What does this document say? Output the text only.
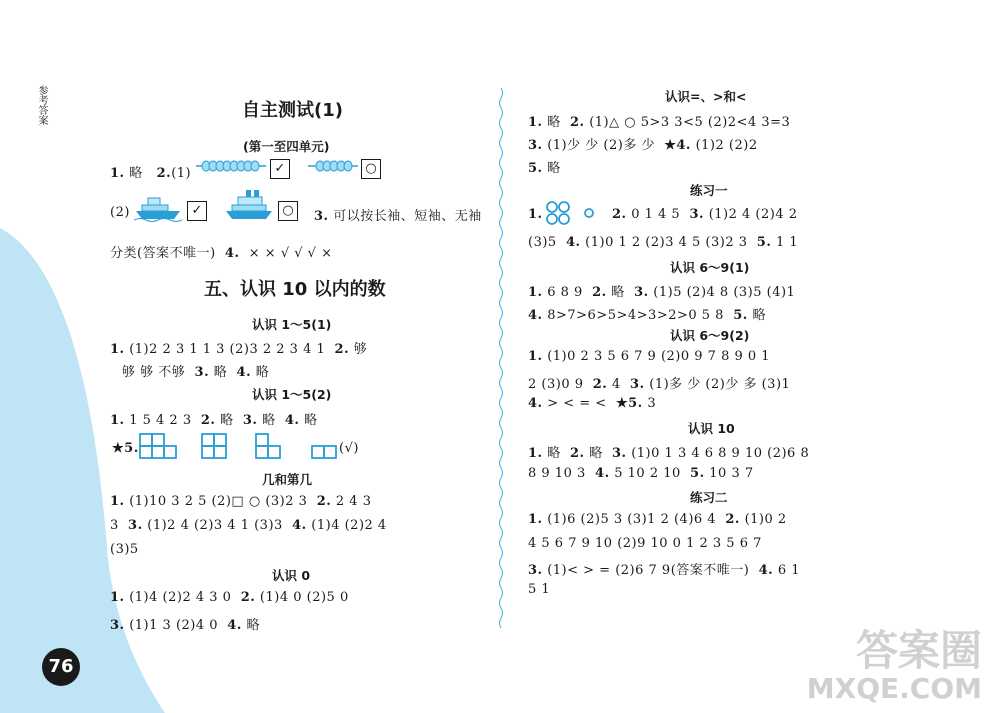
参考答案
76
自主测试(1)
(第一至四单元)
1. 略 2.(1)	✓	○
(2)	✓	○	3. 可以按长袖、短袖、无袖
分类(答案不唯一) 4. × × √ √ √ ×
五、认识 10 以内的数
认识 1～5(1)
1. (1)2 2 3 1 1 3 (2)3 2 2 3 4 1 2. 够
够 够 不够 3. 略 4. 略
认识 1～5(2)
1. 1 5 4 2 3 2. 略 3. 略 4. 略
★5.	(√)
几和第几
1. (1)10 3 2 5 (2)□ ○ (3)2 3 2. 2 4 3
3 3. (1)2 4 (2)3 4 1 (3)3 4. (1)4 (2)2 4
(3)5
认识 0
1. (1)4 (2)2 4 3 0 2. (1)4 0 (2)5 0
3. (1)1 3 (2)4 0 4. 略
认识=、>和<
1. 略 2. (1)△ ○ 5>3 3<5 (2)2<4 3=3
3. (1)少 少 (2)多 少 ★4. (1)2 (2)2
5. 略
练习一
1.	2. 0 1 4 5 3. (1)2 4 (2)4 2
(3)5 4. (1)0 1 2 (2)3 4 5 (3)2 3 5. 1 1
认识 6～9(1)
1. 6 8 9 2. 略 3. (1)5 (2)4 8 (3)5 (4)1
4. 8>7>6>5>4>3>2>0 5 8 5. 略
认识 6～9(2)
1. (1)0 2 3 5 6 7 9 (2)0 9 7 8 9 0 1
2 (3)0 9 2. 4 3. (1)多 少 (2)少 多 (3)1
4. > < = < ★5. 3
认识 10
1. 略 2. 略 3. (1)0 1 3 4 6 8 9 10 (2)6 8
8 9 10 3 4. 5 10 2 10 5. 10 3 7
练习二
1. (1)6 (2)5 3 (3)1 2 (4)6 4 2. (1)0 2
4 5 6 7 9 10 (2)9 10 0 1 2 3 5 6 7
3. (1)< > = (2)6 7 9(答案不唯一) 4. 6 1
5 1
答案圈
MXQE.COM
